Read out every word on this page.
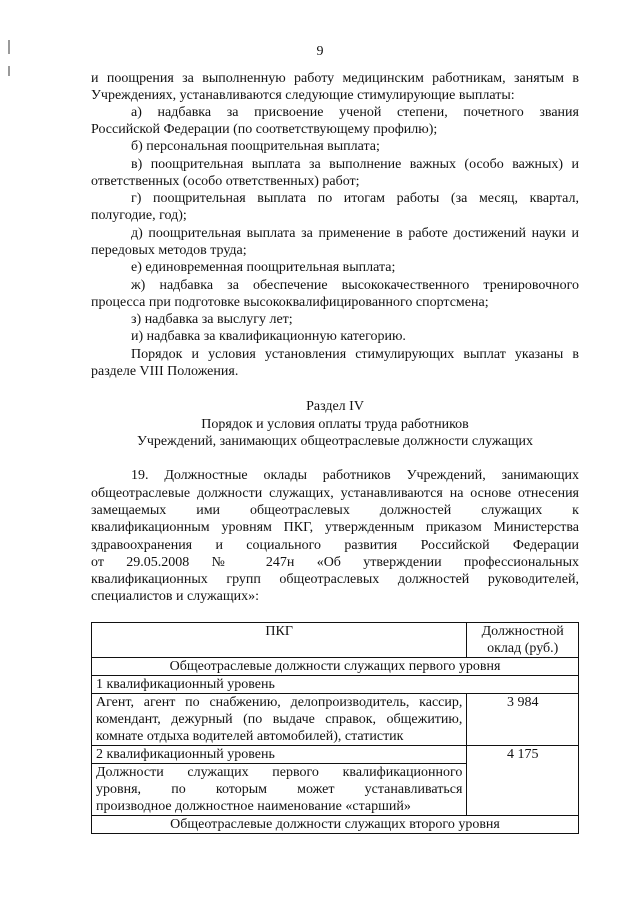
9
и поощрения за выполненную работу медицинским работникам, занятым в
Учреждениях, устанавливаются следующие стимулирующие выплаты:
а) надбавка за присвоение ученой степени, почетного звания
Российской Федерации (по соответствующему профилю);
б) персональная поощрительная выплата;
в) поощрительная выплата за выполнение важных (особо важных) и
ответственных (особо ответственных) работ;
г) поощрительная выплата по итогам работы (за месяц, квартал,
полугодие, год);
д) поощрительная выплата за применение в работе достижений науки и
передовых методов труда;
е) единовременная поощрительная выплата;
ж) надбавка за обеспечение высококачественного тренировочного
процесса при подготовке высококвалифицированного спортсмена;
з) надбавка за выслугу лет;
и) надбавка за квалификационную категорию.
Порядок и условия установления стимулирующих выплат указаны в
разделе VIII Положения.
Раздел IV
Порядок и условия оплаты труда работников
Учреждений, занимающих общеотраслевые должности служащих
19. Должностные оклады работников Учреждений, занимающих
общеотраслевые должности служащих, устанавливаются на основе отнесения
замещаемых ими общеотраслевых должностей служащих к
квалификационным уровням ПКГ, утвержденным приказом Министерства
здравоохранения и социального развития Российской Федерации
от 29.05.2008 № 247н «Об утверждении профессиональных
квалификационных групп общеотраслевых должностей руководителей,
специалистов и служащих»:
ПКГ	Должностной
оклад (руб.)

Общеотраслевые должности служащих первого уровня	
1 квалификационный уровень	

Агент, агент по снабжению, делопроизводитель, кассир,
комендант, дежурный (по выдаче справок, общежитию,
комнате отдыха водителей автомобилей), статистик	3 984
2 квалификационный уровень	4 175

Должности служащих первого квалификационного
уровня, по которым может устанавливаться
производное должностное наименование «старший»	

Общеотраслевые должности служащих второго уровня	
